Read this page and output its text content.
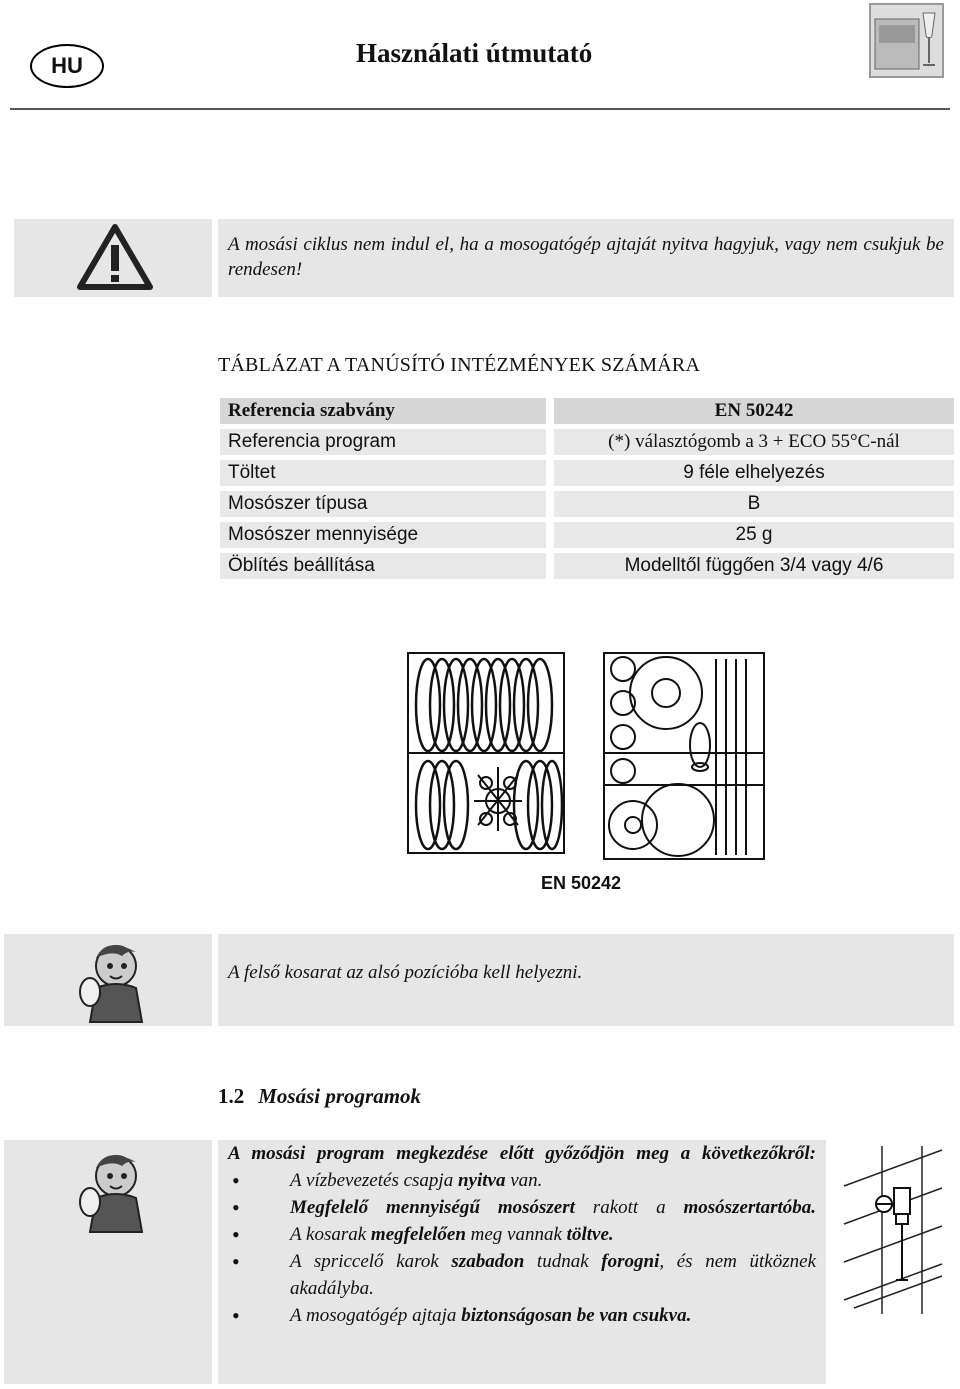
HU	Használati útmutató
A mosási ciklus nem indul el, ha a mosogatógép ajtaját nyitva hagyjuk, vagy nem csukjuk be rendesen!
TÁBLÁZAT A TANÚSÍTÓ INTÉZMÉNYEK SZÁMÁRA
Referencia szabvány	EN 50242
Referencia program	(*) választógomb a 3 + ECO 55°C-nál
Töltet	9 féle elhelyezés
Mosószer típusa	B
Mosószer mennyisége	25 g
Öblítés beállítása	Modelltől függően 3/4 vagy 4/6
EN 50242
A felső kosarat az alsó pozícióba kell helyezni.
1.2 Mosási programok

A mosási program megkezdése előtt győződjön meg a következőkről:

• A vízbevezetés csapja nyitva van.
• Megfelelő mennyiségű mosószert rakott a mosószertartóba.
• A kosarak megfelelően meg vannak töltve.
• A spriccelő karok szabadon tudnak forogni, és nem ütköznek akadályba.
• A mosogatógép ajtaja biztonságosan be van csukva.
